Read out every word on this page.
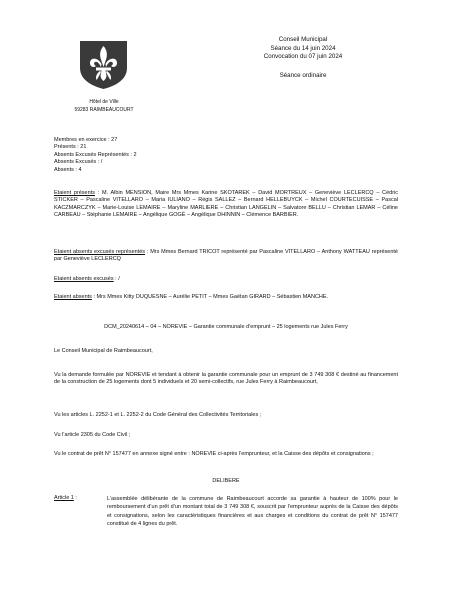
Hôtel de Ville
59283 RAIMBEAUCOURT
Conseil Municipal
Séance du 14 juin 2024
Convocation du 07 juin 2024
Séance ordinaire
Membres en exercice : 27
Présents : 21
Absents Excusés Représentés : 2
Absents Excusés : /
Absents : 4
Etaient présents : M. Albin MENSION, Maire Mrs Mmes Karine SKOTAREK – David MORTREUX – Geneviève LECLERCQ – Cédric STICKER – Pascaline VITELLARO – Maria IULIANO – Régis SALLEZ – Bernard HELLEBUYCK – Michel COURTECUISSE – Pascal KACZMARCZYK – Marie-Louise LEMAIRE – Maryline MARLIERE – Christian LANGELIN – Salvatore BELLU – Christian LEMAR – Céline CARBEAU – Stéphanie LEMAIRE – Angélique GOGÉ – Angélique DHINNIN – Clémence BARBIER.
Etaient absents excusés représentés : Mrs Mmes Bernard TRICOT représenté par Pascaline VITELLARO – Anthony WATTEAU représenté par Geneviève LECLERCQ
Etaient absents excusés : /
Etaient absents : Mrs Mmes Kitty DUQUESNE – Aurélie PETIT – Mmes Gaëtan GIRARD – Sébastien MANCHE.
DCM_20240614 – 04 – NOREVIE – Garantie communale d’emprunt – 25 logements rue Jules Ferry
Le Conseil Municipal de Raimbeaucourt,
Vu la demande formulée par NOREVIE et tendant à obtenir la garantie communale pour un emprunt de 3 749 308 € destiné au financement de la construction de 25 logements dont 5 individuels et 20 semi-collectifs, rue Jules Ferry à Raimbeaucourt,
Vu les articles L. 2252-1 et L. 2252-2 du Code Général des Collectivités Territoriales ;
Vu l’article 2305 du Code Civil ;
Vu le contrat de prêt N° 157477 en annexe signé entre : NOREVIE ci-après l’emprunteur, et la Caisse des dépôts et consignations ;
DELIBERE
Article 1 :	L’assemblée délibérante de la commune de Raimbeaucourt accorde sa garantie à hauteur de 100% pour le remboursement d’un prêt d’un montant total de 3 749 308 €, souscrit par l’emprunteur auprès de la Caisse des dépôts et consignations, selon les caractéristiques financières et aux charges et conditions du contrat de prêt N° 157477 constitué de 4 lignes du prêt.
